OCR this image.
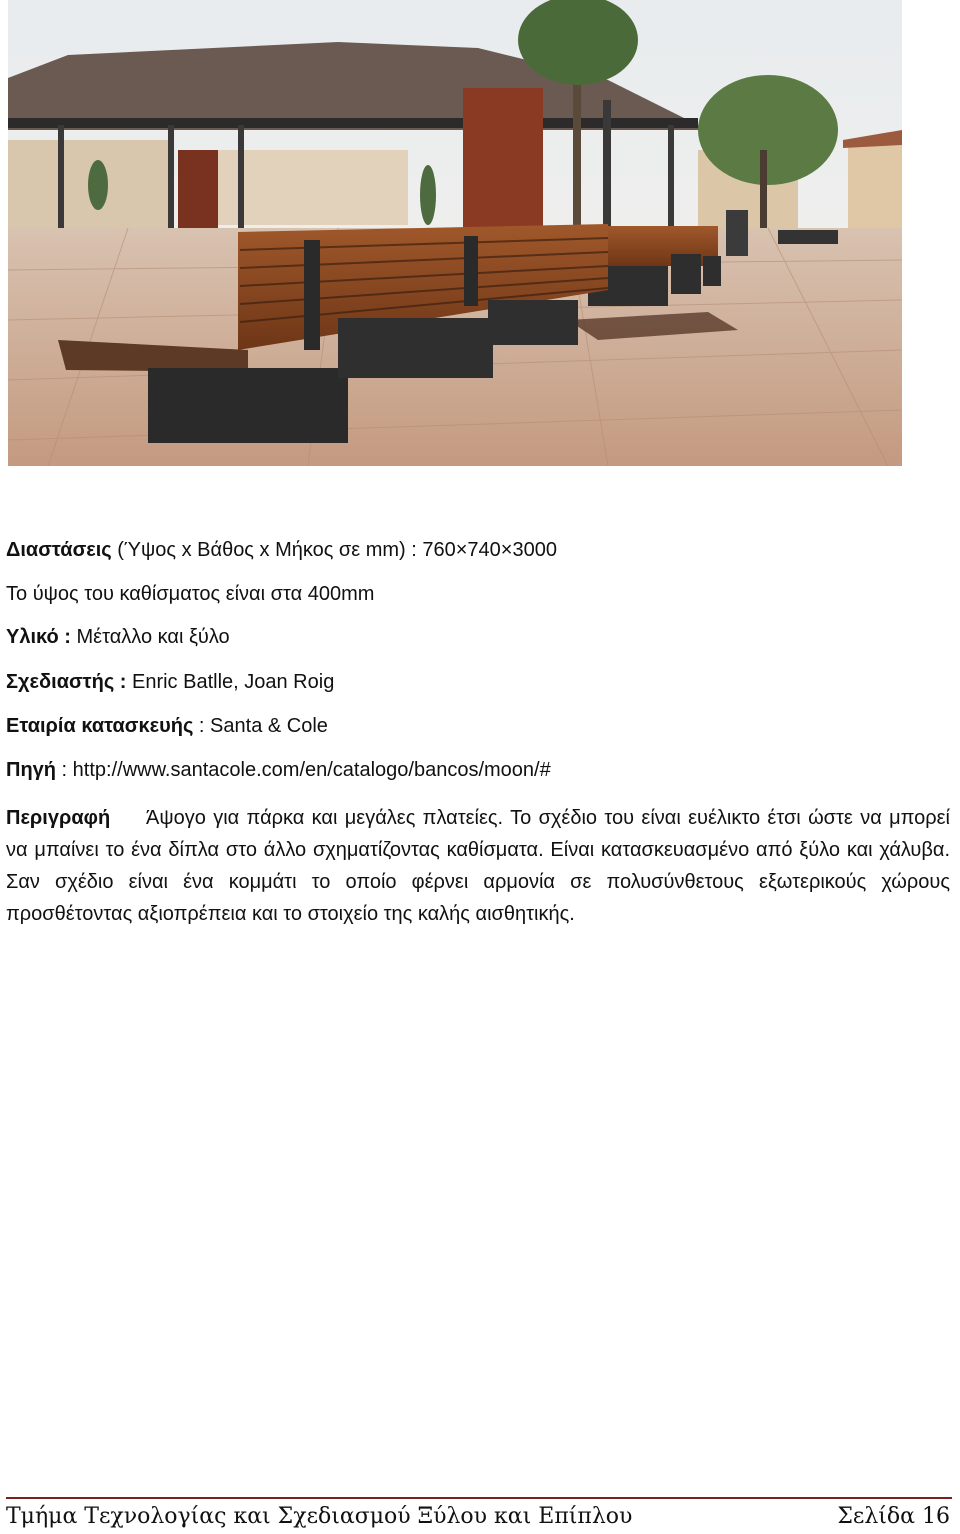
Διαστάσεις (Ύψος x Βάθος x Μήκος σε mm) : 760×740×3000
Το ύψος του καθίσματος είναι στα 400mm
Υλικό : Μέταλλο και ξύλο
Σχεδιαστής : Enric Batlle, Joan Roig
Εταιρία κατασκευής : Santa & Cole
Πηγή : http://www.santacole.com/en/catalogo/bancos/moon/#
Περιγραφή Άψογο για πάρκα και μεγάλες πλατείες. Το σχέδιο του είναι ευέλικτο έτσι ώστε να μπορεί να μπαίνει το ένα δίπλα στο άλλο σχηματίζοντας καθίσματα. Είναι κατασκευασμένο από ξύλο και χάλυβα. Σαν σχέδιο είναι ένα κομμάτι το οποίο φέρνει αρμονία σε πολυσύνθετους εξωτερικούς χώρους προσθέτοντας αξιοπρέπεια και το στοιχείο της καλής αισθητικής.
Τμήμα Τεχνολογίας και Σχεδιασμού Ξύλου και Επίπλου	Σελίδα 16
